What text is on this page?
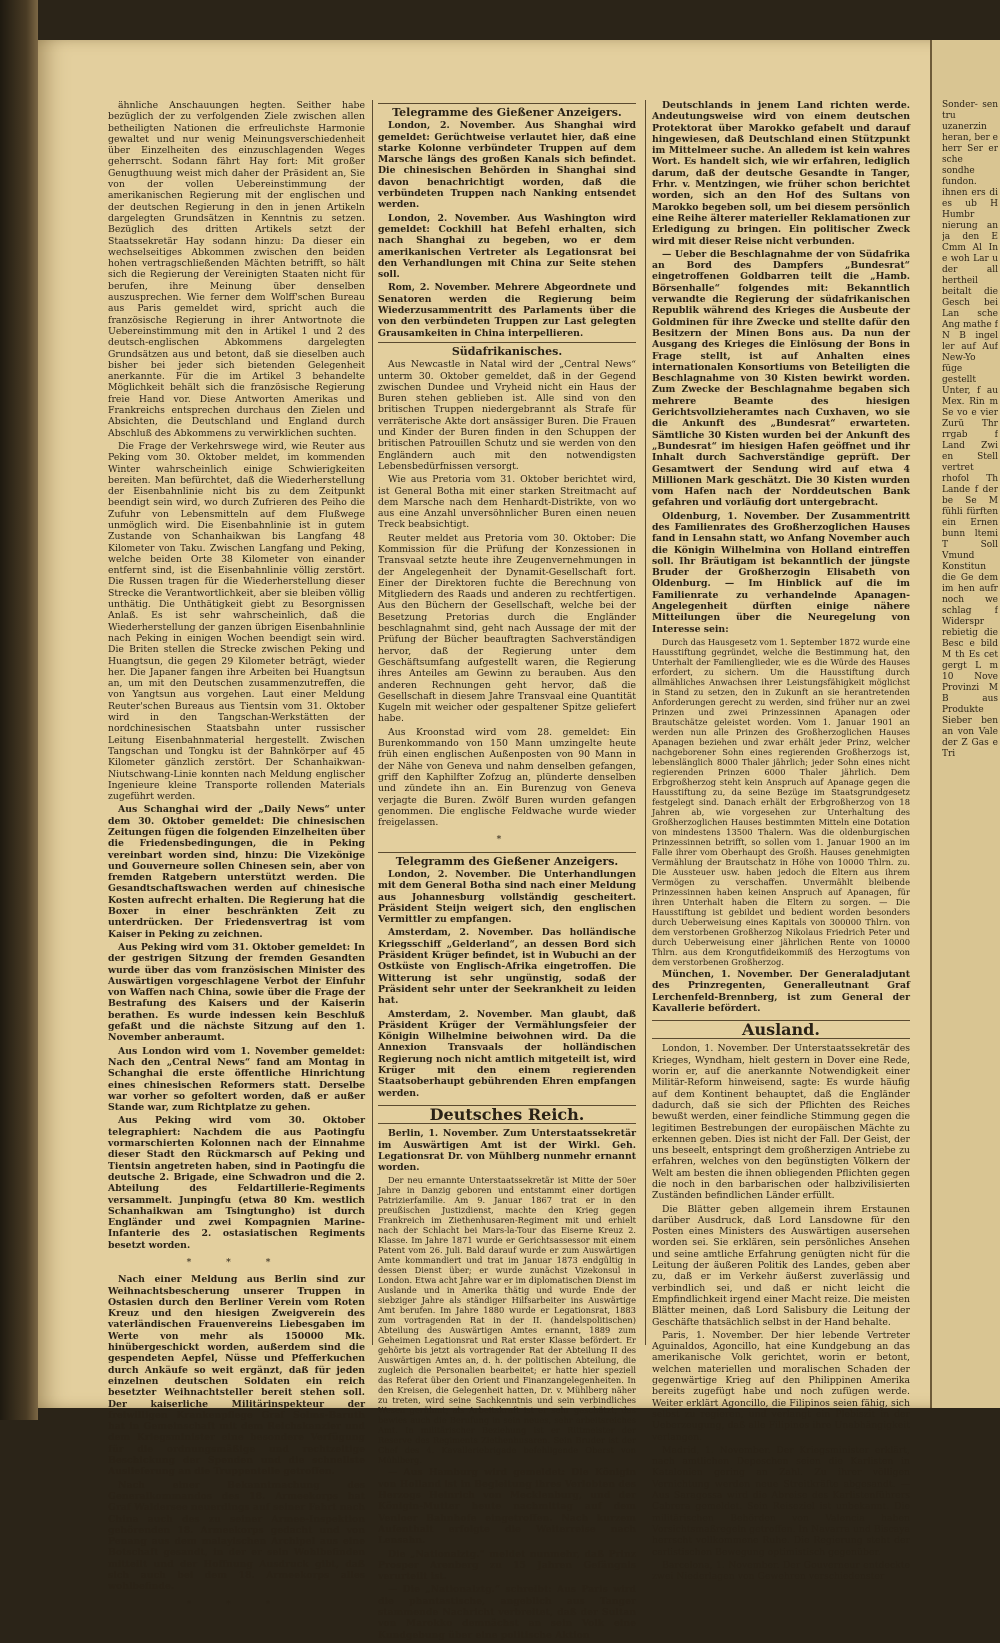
ähnliche Anschauungen hegten. Seither habe bezüglich der zu verfolgenden Ziele zwischen allen betheiligten Nationen die erfreulichste Harmonie gewaltet und nur wenig Meinungsverschiedenheit über Einzelheiten des einzuschlagenden Weges geherrscht. Sodann fährt Hay fort: Mit großer Genugthuung weist mich daher der Präsident an, Sie von der vollen Uebereinstimmung der amerikanischen Regierung mit der englischen und der deutschen Regierung in den in jenen Artikeln dargelegten Grundsätzen in Kenntnis zu setzen. Bezüglich des dritten Artikels setzt der Staatssekretär Hay sodann hinzu: Da dieser ein wechselseitiges Abkommen zwischen den beiden hohen vertragschließenden Mächten betrifft, so hält sich die Regierung der Vereinigten Staaten nicht für berufen, ihre Meinung über denselben auszusprechen. Wie ferner dem Wolff'schen Bureau aus Paris gemeldet wird, spricht auch die französische Regierung in ihrer Antwortnote die Uebereinstimmung mit den in Artikel 1 und 2 des deutsch-englischen Abkommens dargelegten Grundsätzen aus und betont, daß sie dieselben auch bisher bei jeder sich bietenden Gelegenheit anerkannte. Für die im Artikel 3 behandelte Möglichkeit behält sich die französische Regierung freie Hand vor. Diese Antworten Amerikas und Frankreichs entsprechen durchaus den Zielen und Absichten, die Deutschland und England durch Abschluß des Abkommens zu verwirklichen suchten.

Die Frage der Verkehrswege wird, wie Reuter aus Peking vom 30. Oktober meldet, im kommenden Winter wahrscheinlich einige Schwierigkeiten bereiten. Man befürchtet, daß die Wiederherstellung der Eisenbahnlinie nicht bis zu dem Zeitpunkt beendigt sein wird, wo durch Zufrieren des Peiho die Zufuhr von Lebensmitteln auf dem Flußwege unmöglich wird. Die Eisenbahnlinie ist in gutem Zustande von Schanhaikwan bis Langfang 48 Kilometer von Taku. Zwischen Langfang und Peking, welche beiden Orte 38 Kilometer von einander entfernt sind, ist die Eisenbahnlinie völlig zerstört. Die Russen tragen für die Wiederherstellung dieser Strecke die Verantwortlichkeit, aber sie bleiben völlig unthätig. Die Unthätigkeit giebt zu Besorgnissen Anlaß. Es ist sehr wahrscheinlich, daß die Wiederherstellung der ganzen übrigen Eisenbahnlinie nach Peking in einigen Wochen beendigt sein wird. Die Briten stellen die Strecke zwischen Peking und Huangtsun, die gegen 29 Kilometer beträgt, wieder her. Die Japaner fangen ihre Arbeiten bei Huangtsun an, um mit den Deutschen zusammenzutreffen, die von Yangtsun aus vorgehen. Laut einer Meldung Reuter'schen Bureaus aus Tientsin vom 31. Oktober wird in den Tangschan-Werkstätten der nordchinesischen Staatsbahn unter russischer Leitung Eisenbahnmaterial hergestellt. Zwischen Tangschan und Tongku ist der Bahnkörper auf 45 Kilometer gänzlich zerstört. Der Schanhaikwan-Niutschwang-Linie konnten nach Meldung englischer Ingenieure kleine Transporte rollenden Materials zugeführt werden.

Aus Schanghai wird der „Daily News“ unter dem 30. Oktober gemeldet: Die chinesischen Zeitungen fügen die folgenden Einzelheiten über die Friedensbedingungen, die in Peking vereinbart worden sind, hinzu: Die Vizekönige und Gouverneure sollen Chinesen sein, aber von fremden Ratgebern unterstützt werden. Die Gesandtschaftswachen werden auf chinesische Kosten aufrecht erhalten. Die Regierung hat die Boxer in einer beschränkten Zeit zu unterdrücken. Der Friedensvertrag ist vom Kaiser in Peking zu zeichnen.

Aus Peking wird vom 31. Oktober gemeldet: In der gestrigen Sitzung der fremden Gesandten wurde über das vom französischen Minister des Auswärtigen vorgeschlagene Verbot der Einfuhr von Waffen nach China, sowie über die Frage der Bestrafung des Kaisers und der Kaiserin berathen. Es wurde indessen kein Beschluß gefaßt und die nächste Sitzung auf den 1. November anberaumt.

Aus London wird vom 1. November gemeldet: Nach den „Central News“ fand am Montag in Schanghai die erste öffentliche Hinrichtung eines chinesischen Reformers statt. Derselbe war vorher so gefoltert worden, daß er außer Stande war, zum Richtplatze zu gehen.

Aus Peking wird vom 30. Oktober telegraphiert: Nachdem die aus Paotingfu vormarschierten Kolonnen nach der Einnahme dieser Stadt den Rückmarsch auf Peking und Tientsin angetreten haben, sind in Paotingfu die deutsche 2. Brigade, eine Schwadron und die 2. Abteilung des Feldartillerie-Regiments versammelt. Junpingfu (etwa 80 Km. westlich Schanhaikwan am Tsingtungho) ist durch Engländer und zwei Kompagnien Marine-Infanterie des 2. ostasiatischen Regiments besetzt worden.

* * *

Nach einer Meldung aus Berlin sind zur Weihnachtsbescherung unserer Truppen in Ostasien durch den Berliner Verein vom Roten Kreuz und den hiesigen Zweigverein des vaterländischen Frauenvereins Liebesgaben im Werte von mehr als 150000 Mk. hinübergeschickt worden, außerdem sind die gespendeten Aepfel, Nüsse und Pfefferkuchen durch Ankäufe so weit ergänzt, daß für jeden einzelnen deutschen Soldaten ein reich besetzter Weihnachtsteller bereit stehen soll. Der kaiserliche Militärinspekteur der freiwilligen Krankenpflege Graf Solms-Baruth hat in Gemeinschaft mit dem Reichskanzler und dem Kriegsminister eine besondere Verfügung für die ordnungsmäßige und rechtzeitige Beschickung der Spenden und die schnellste Auslieferung an die Truppenteile getroffen.

Nach einer Bekanntmachung des Generalkommandos des 18. Armeekorps hat Graf Waldersee neuerdings auf seiner Fahrt nach China auch des zu seiner Armee-Inspektion gehörenden 18. Armeekorps gedacht und von Penang aus dem malayischen Archipel aus eine Botschaft gesandt, in der er sein Wohlbefinden mitteilt und der Hoffnung Ausdruck gibt, daß sich auch bei dem 18. Armeekorps alles wohlbefinde.

* * *

Telegramme des Gießener Anzeigers.

London, 2. November. Aus Shanghai wird gemeldet: Gerüchtweise verlautet hier, daß eine starke Kolonne verbündeter Truppen auf dem Marsche längs des großen Kanals sich befindet. Die chinesischen Behörden in Shanghai sind davon benachrichtigt worden, daß die verbündeten Truppen nach Nanking entsendet werden.

London, 2. November. Aus Washington wird gemeldet: Cockhill hat Befehl erhalten, sich nach Shanghai zu begeben, wo er dem amerikanischen Vertreter als Legationsrat bei den Verhandlungen mit China zur Seite stehen soll.

Rom, 2. November. Mehrere Abgeordnete und Senatoren werden die Regierung beim Wiederzusammentritt des Parlaments über die von den verbündeten Truppen zur Last gelegten Grausamkeiten in China interpellieren.

Südafrikanisches.

Aus Newcastle in Natal wird der „Central News“ unterm 30. Oktober gemeldet, daß in der Gegend zwischen Dundee und Vryheid nicht ein Haus der Buren stehen geblieben ist. Alle sind von den britischen Truppen niedergebrannt als Strafe für verräterische Akte dort ansässiger Buren. Die Frauen und Kinder der Buren finden in den Schuppen der britischen Patrouillen Schutz und sie werden von den Engländern auch mit den notwendigsten Lebensbedürfnissen versorgt.

Wie aus Pretoria vom 31. Oktober berichtet wird, ist General Botha mit einer starken Streitmacht auf dem Marsche nach dem Henhardt-Distrikte, von wo aus eine Anzahl unversöhnlicher Buren einen neuen Treck beabsichtigt.

Reuter meldet aus Pretoria vom 30. Oktober: Die Kommission für die Prüfung der Konzessionen in Transvaal setzte heute ihre Zeugenvernehmungen in der Angelegenheit der Dynamit-Gesellschaft fort. Einer der Direktoren fuchte die Berechnung von Mitgliedern des Raads und anderen zu rechtfertigen. Aus den Büchern der Gesellschaft, welche bei der Besetzung Pretorias durch die Engländer beschlagnahmt sind, geht nach Aussage der mit der Prüfung der Bücher beauftragten Sachverständigen hervor, daß der Regierung unter dem Geschäftsumfang aufgestellt waren, die Regierung ihres Anteiles am Gewinn zu berauben. Aus den anderen Rechnungen geht hervor, daß die Gesellschaft in diesem Jahre Transvaal eine Quantität Kugeln mit weicher oder gespaltener Spitze geliefert habe.

Aus Kroonstad wird vom 28. gemeldet: Ein Burenkommando von 150 Mann umzingelte heute früh einen englischen Außenposten von 90 Mann in der Nähe von Geneva und nahm denselben gefangen, griff den Kaphilfter Zofzug an, plünderte denselben und zündete ihn an. Ein Burenzug von Geneva verjagte die Buren. Zwölf Buren wurden gefangen genommen. Die englische Feldwache wurde wieder freigelassen.

*

Telegramm des Gießener Anzeigers.

London, 2. November. Die Unterhandlungen mit dem General Botha sind nach einer Meldung aus Johannesburg vollständig gescheitert. Präsident Steijn weigert sich, den englischen Vermittler zu empfangen.

Amsterdam, 2. November. Das holländische Kriegsschiff „Gelderland“, an dessen Bord sich Präsident Krüger befindet, ist in Wubuchi an der Ostküste von Englisch-Afrika eingetroffen. Die Witterung ist sehr ungünstig, sodaß der Präsident sehr unter der Seekrankheit zu leiden hat.

Amsterdam, 2. November. Man glaubt, daß Präsident Krüger der Vermählungsfeier der Königin Wilhelmine beiwohnen wird. Da die Annexion Transvaals der holländischen Regierung noch nicht amtlich mitgeteilt ist, wird Krüger mit den einem regierenden Staatsoberhaupt gebührenden Ehren empfangen werden.

Deutsches Reich.

Berlin, 1. November. Zum Unterstaatssekretär im Auswärtigen Amt ist der Wirkl. Geh. Legationsrat Dr. von Mühlberg nunmehr ernannt worden.

Der neu ernannte Unterstaatssekretär ist Mitte der 50er Jahre in Danzig geboren und entstammt einer dortigen Patrizierfamilie. Am 9. Januar 1867 trat er in den preußischen Justizdienst, machte den Krieg gegen Frankreich im Ziethenhusaren-Regiment mit und erhielt nach der Schlacht bei Mars-la-Tour das Eiserne Kreuz 2. Klasse. Im Jahre 1871 wurde er Gerichtsassessor mit einem Patent vom 26. Juli. Bald darauf wurde er zum Auswärtigen Amte kommandiert und trat im Januar 1873 endgültig in dessen Dienst über; er wurde zunächst Vizekonsul in London. Etwa acht Jahre war er im diplomatischen Dienst im Auslande und in Amerika thätig und wurde Ende der siebziger Jahre als ständiger Hilfsarbeiter ins Auswärtige Amt berufen. Im Jahre 1880 wurde er Legationsrat, 1883 zum vortragenden Rat in der II. (handelspolitischen) Abteilung des Auswärtigen Amtes ernannt, 1889 zum Geheimen Legationsrat und Rat erster Klasse befördert. Er gehörte bis jetzt als vortragender Rat der Abteilung II des Auswärtigen Amtes an, d. h. der politischen Abteilung, die zugleich die Personalien bearbeitet; er hatte hier speziell das Referat über den Orient und Finanzangelegenheiten. In den Kreisen, die Gelegenheit hatten, Dr. v. Mühlberg näher zu treten, wird seine Sachkenntnis und sein verbindliches Wesen gerühmt; als Arbeitskraft ist er sehr geschätzt; das bewies auch die Berufung in sein neues, sehr arbeitsreiches Amt. In militärischer Beziehung ist er Rittmeister der Reserve des Regiments Ziethenhusaren. Sein Bruder ist der Chef des 4. Kavalleriebrigade befehligende Oberst von Mühlberg.

— Aus Hamburg wird gemeldet: Die Königin von Holland ist in Begleitung ihres Verlobten des Herzogs Heinrich von Mecklenburg, und der Königin-Mutter heute nachmittag auf dem Venloer Bahnhofe eingetroffen. Nach kurzem Aufenthalt erfolgte die Weiterreise nach Lensahn.

Die „Nationalztg.“ meldet nunmehr, daß Prinz Prosper Arenberg zu 15 Jahren Gefängnis verurteilt ist.

— Die „Nationalztg.“ schreibt: Aus Paris wird die phantastische, angeblich aus Tanger stammende Nachricht verbreitet, daß der Sultan von Marokko demnächst an sein Volk eine Kundgebung über eine politische Aktion

Deutschlands in jenem Land richten werde. Andeutungsweise wird von einem deutschen Protektorat über Marokko gefabelt und darauf hingewiesen, daß Deutschland einen Stützpunkt im Mittelmeer suche. An alledem ist kein wahres Wort. Es handelt sich, wie wir erfahren, lediglich darum, daß der deutsche Gesandte in Tanger, Frhr. v. Mentzingen, wie früher schon berichtet worden, sich an den Hof des Sultans von Marokko begeben soll, um bei diesem persönlich eine Reihe älterer materieller Reklamationen zur Erledigung zu bringen. Ein politischer Zweck wird mit dieser Reise nicht verbunden.

— Ueber die Beschlagnahme der von Südafrika an Bord des Dampfers „Bundesrat“ eingetroffenen Goldbarren teilt die „Hamb. Börsenhalle“ folgendes mit: Bekanntlich verwandte die Regierung der südafrikanischen Republik während des Krieges die Ausbeute der Goldminen für ihre Zwecke und stellte dafür den Besitzern der Minen Bons aus. Da nun der Ausgang des Krieges die Einlösung der Bons in Frage stellt, ist auf Anhalten eines internationalen Konsortiums von Beteiligten die Beschlagnahme von 30 Kisten bewirkt worden. Zum Zwecke der Beschlagnahme begaben sich mehrere Beamte des hiesigen Gerichtsvollzieheramtes nach Cuxhaven, wo sie die Ankunft des „Bundesrat“ erwarteten. Sämtliche 30 Kisten wurden bei der Ankunft des „Bundesrat“ im hiesigen Hafen geöffnet und ihr Inhalt durch Sachverständige geprüft. Der Gesamtwert der Sendung wird auf etwa 4 Millionen Mark geschätzt. Die 30 Kisten wurden vom Hafen nach der Norddeutschen Bank gefahren und vorläufig dort untergebracht.

Oldenburg, 1. November. Der Zusammentritt des Familienrates des Großherzoglichen Hauses fand in Lensahn statt, wo Anfang November auch die Königin Wilhelmina von Holland eintreffen soll. Ihr Bräutigam ist bekanntlich der jüngste Bruder der Großherzogin Elisabeth von Oldenburg. — Im Hinblick auf die im Familienrate zu verhandelnde Apanagen-Angelegenheit dürften einige nähere Mitteilungen über die Neuregelung von Interesse sein:

Durch das Hausgesetz vom 1. September 1872 wurde eine Hausstiftung gegründet, welche die Bestimmung hat, den Unterhalt der Familienglieder, wie es die Würde des Hauses erfordert, zu sichern. Um die Hausstiftung durch allmähliches Anwachsen ihrer Leistungsfähigkeit möglichst in Stand zu setzen, den in Zukunft an sie herantretenden Anforderungen gerecht zu werden, sind früher nur an zwei Prinzen und zwei Prinzessinnen Apanagen oder Brautschätze geleistet worden. Vom 1. Januar 1901 an werden nun alle Prinzen des Großherzoglichen Hauses Apanagen beziehen und zwar erhält jeder Prinz, welcher nachgeborener Sohn eines regierenden Großherzogs ist, lebenslänglich 8000 Thaler jährlich; jeder Sohn eines nicht regierenden Prinzen 6000 Thaler jährlich. Dem Erbgroßherzog steht kein Anspruch auf Apanage gegen die Hausstiftung zu, da seine Bezüge im Staatsgrundgesetz festgelegt sind. Danach erhält der Erbgroßherzog von 18 Jahren ab, wie vorgesehen zur Unterhaltung des Großherzoglichen Hauses bestimmten Mitteln eine Dotation von mindestens 13500 Thalern. Was die oldenburgischen Prinzessinnen betrifft, so sollen vom 1. Januar 1900 an im Falle ihrer vom Oberhaupt des Großh. Hauses genehmigten Vermählung der Brautschatz in Höhe von 10000 Thlrn. zu. Die Aussteuer usw. haben jedoch die Eltern aus ihrem Vermögen zu verschaffen. Unvermählt bleibende Prinzessinnen haben keinen Anspruch auf Apanagen, für ihren Unterhalt haben die Eltern zu sorgen. — Die Hausstiftung ist gebildet und bedient worden besonders durch Ueberweisung eines Kapitals von 300000 Thlrn. von dem verstorbenen Großherzog Nikolaus Friedrich Peter und durch Ueberweisung einer jährlichen Rente von 10000 Thlrn. aus dem Krongutfideikommiß des Herzogtums von dem verstorbenen Großherzog.

München, 1. November. Der Generaladjutant des Prinzregenten, Generalleutnant Graf Lerchenfeld-Brennberg, ist zum General der Kavallerie befördert.

Ausland.

London, 1. November. Der Unterstaatssekretär des Krieges, Wyndham, hielt gestern in Dover eine Rede, worin er, auf die anerkannte Notwendigkeit einer Militär-Reform hinweisend, sagte: Es wurde häufig auf dem Kontinent behauptet, daß die Engländer dadurch, daß sie sich der Pflichten des Reiches bewußt werden, einer feindliche Stimmung gegen die legitimen Bestrebungen der europäischen Mächte zu erkennen geben. Dies ist nicht der Fall. Der Geist, der uns beseelt, entspringt dem großherzigen Antriebe zu erfahren, welches von den begünstigten Völkern der Welt am besten die ihnen obliegenden Pflichten gegen die noch in den barbarischen oder halbzivilisierten Zuständen befindlichen Länder erfüllt.

Die Blätter geben allgemein ihrem Erstaunen darüber Ausdruck, daß Lord Lansdowne für den Posten eines Ministers des Auswärtigen ausersehen worden sei. Sie erklären, sein persönliches Ansehen und seine amtliche Erfahrung genügten nicht für die Leitung der äußeren Politik des Landes, geben aber zu, daß er im Verkehr äußerst zuverlässig und verbindlich sei, und daß er nicht leicht die Empfindlichkeit irgend einer Macht reize. Die meisten Blätter meinen, daß Lord Salisbury die Leitung der Geschäfte thatsächlich selbst in der Hand behalte.

Paris, 1. November. Der hier lebende Vertreter Aguinaldos, Agoncillo, hat eine Kundgebung an das amerikanische Volk gerichtet, worin er betont, welchen materiellen und moralischen Schaden der gegenwärtige Krieg auf den Philippinen Amerika bereits zugefügt habe und noch zufügen werde. Weiter erklärt Agoncillo, die Filipinos seien fähig, sich selbst zu regieren, und verlangt ein Plebiszit in der Ueberzeugung, daß alle Filipinos ihre Unabhängigkeit verlangen.

Madrid, 1. November. Der Kriegsminister erklärt, nach amtlichen Depeschen seien die Karlisten in Katalonien gering an Zahl. Zu ihrer völligen Vernichtung werden neue Streitkräfte abgesandt. — Aus Saragossa wird die Abreise des Karlistenführers Cabrera gemeldet. Sein Reiseziel ist unbekannt. Die militärischen Behörden von Valencia haben Vorsichtsmaßregeln getroffen. In Navarra und Biscaya herrscht vollkommene Ruhe. Die Regierung steht der carlistischen Bewegung optimistisch gegenüber.

Barcelona, 1. November. Der Gouverneur entdeckte zwei Niederlagen von Gewehren verschiedenster

Sonder- sen tru uzanerzin heran, ber e herr Ser er sche sondhe fundon. ihnen ers di es ub H Humbr nierung an ja den E Cmm Al In e woh Lar u der all hertheil beitalt die Gesch bei Lan sche Ang mathe f N B ingel ler auf Auf New-Yo füge gestellt Unter, f au Mex. Rin m Se vo e vier Zurü Thr rrgab f Land Zwi en Stell vertret rhofol Th Lande f der be Se M fühli fürften ein Ernen bunn ltemi T Soll Vmund Konstitun die Ge dem im hen aufr noch we schlag f Widerspr rebietig die Besc e bild M th Es cet gergt L m 10 Nove Provinzi M B aus Produkte Sieber ben an von Vale der Z Gas e Tri
